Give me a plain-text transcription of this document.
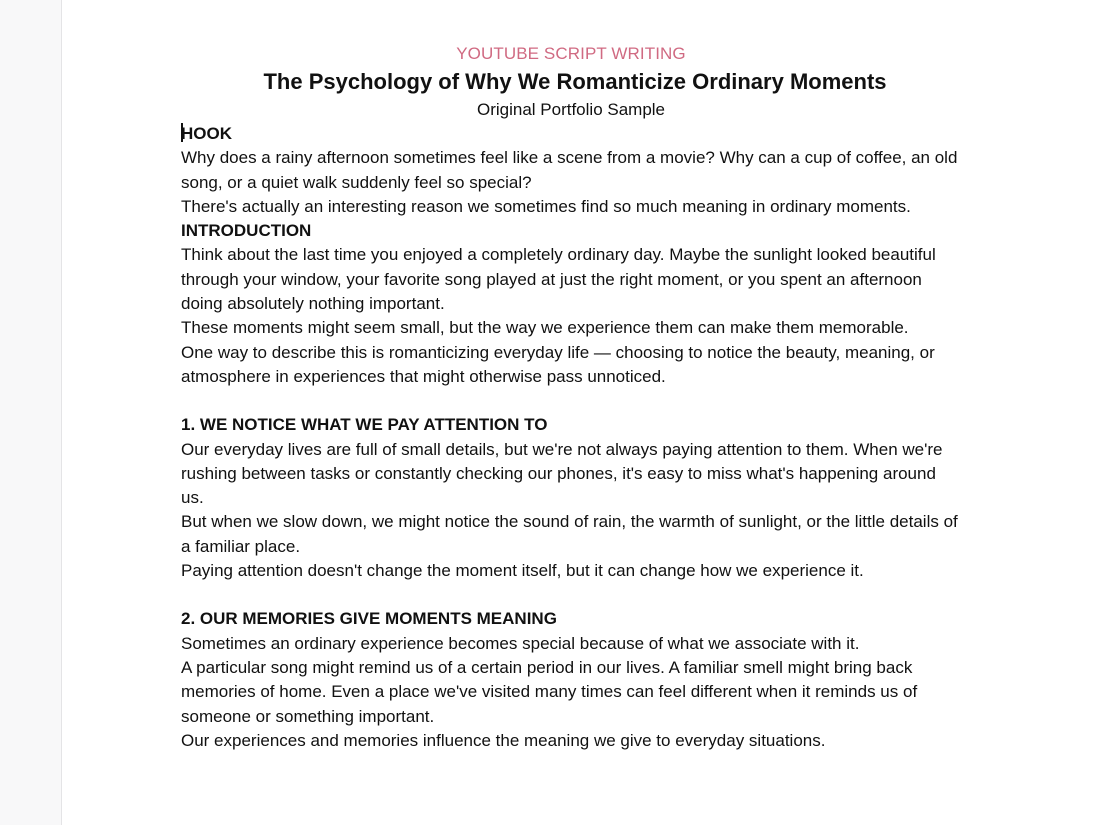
YOUTUBE SCRIPT WRITING
The Psychology of Why We Romanticize Ordinary Moments
Original Portfolio Sample
HOOK

Why does a rainy afternoon sometimes feel like a scene from a movie? Why can a cup of coffee, an old song, or a quiet walk suddenly feel so special?

There's actually an interesting reason we sometimes find so much meaning in ordinary moments.

INTRODUCTION

Think about the last time you enjoyed a completely ordinary day. Maybe the sunlight looked beautiful through your window, your favorite song played at just the right moment, or you spent an afternoon doing absolutely nothing important.

These moments might seem small, but the way we experience them can make them memorable.

One way to describe this is romanticizing everyday life — choosing to notice the beauty, meaning, or atmosphere in experiences that might otherwise pass unnoticed.

1. WE NOTICE WHAT WE PAY ATTENTION TO

Our everyday lives are full of small details, but we're not always paying attention to them. When we're rushing between tasks or constantly checking our phones, it's easy to miss what's happening around us.

But when we slow down, we might notice the sound of rain, the warmth of sunlight, or the little details of a familiar place.

Paying attention doesn't change the moment itself, but it can change how we experience it.

2. OUR MEMORIES GIVE MOMENTS MEANING

Sometimes an ordinary experience becomes special because of what we associate with it.

A particular song might remind us of a certain period in our lives. A familiar smell might bring back memories of home. Even a place we've visited many times can feel different when it reminds us of someone or something important.

Our experiences and memories influence the meaning we give to everyday situations.
